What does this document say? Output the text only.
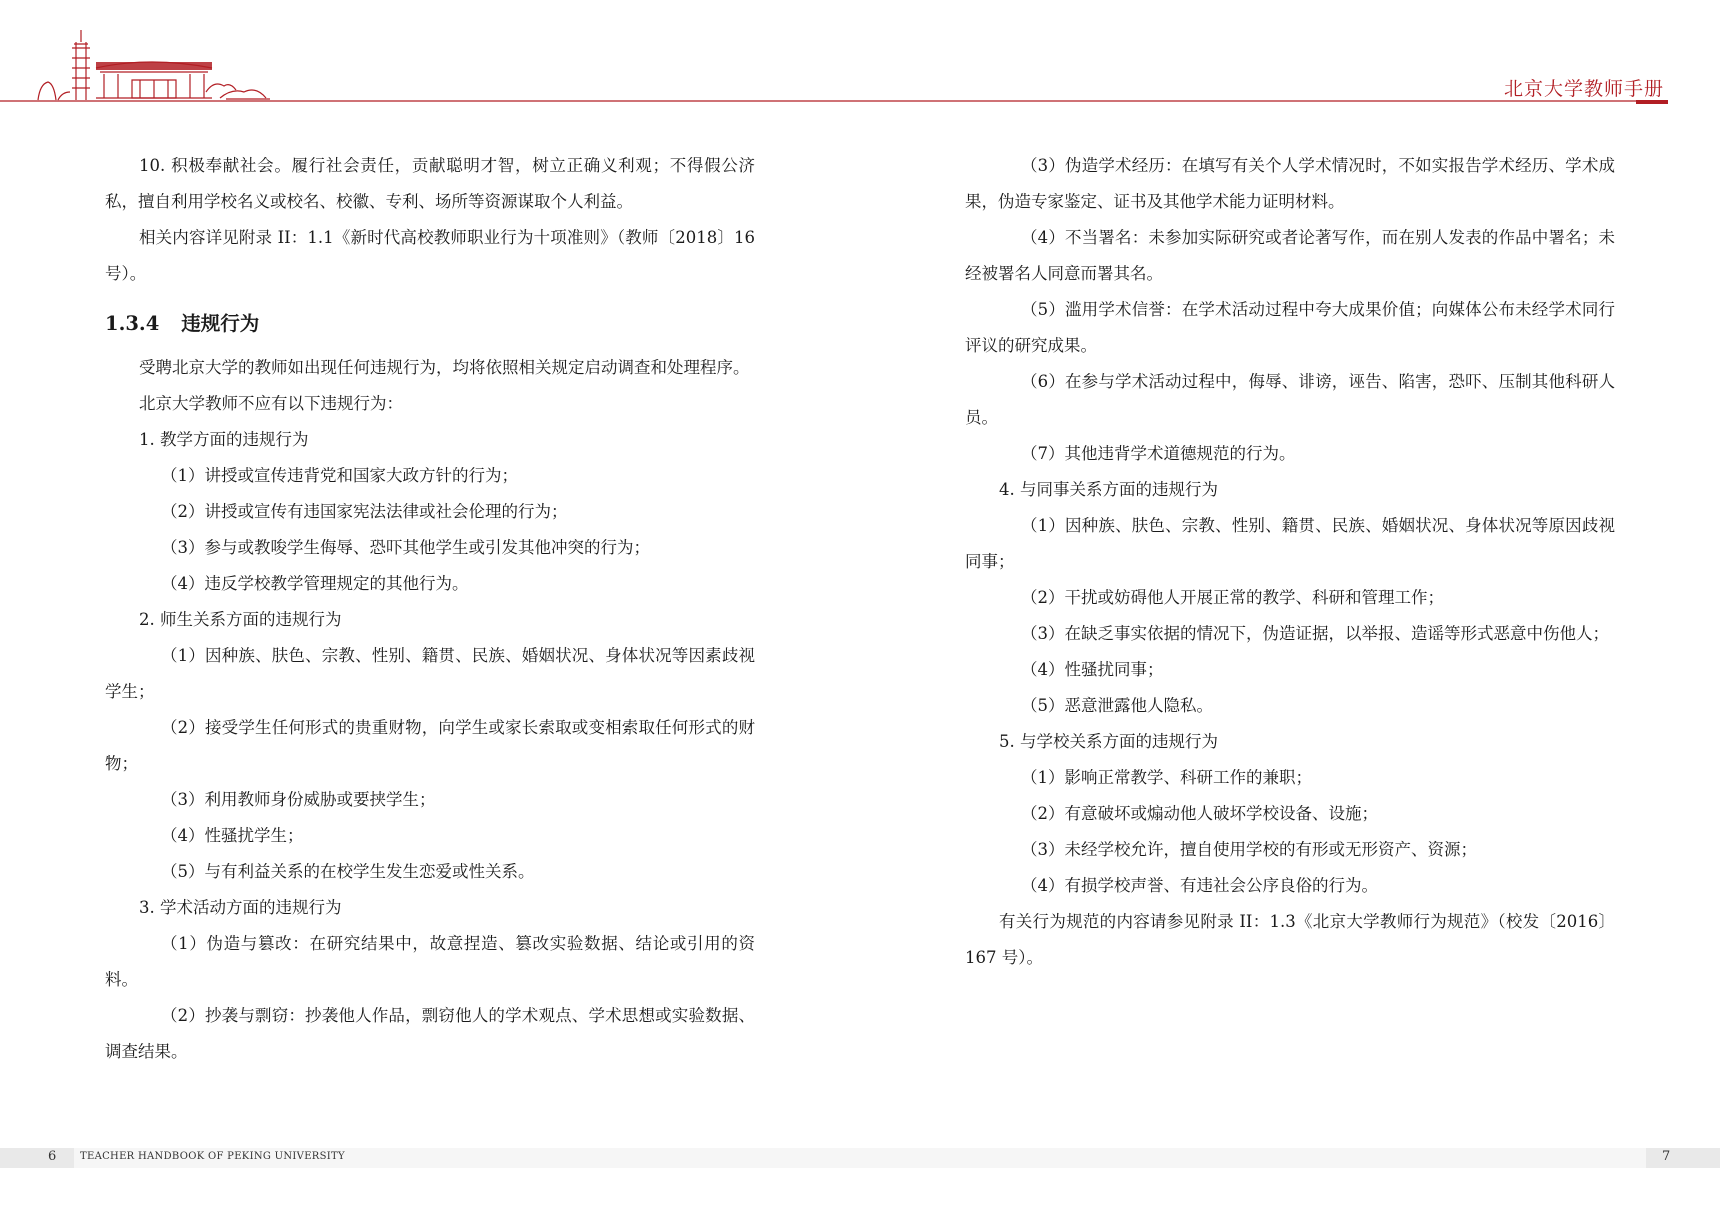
北京大学教师手册

10. 积极奉献社会。履行社会责任，贡献聪明才智，树立正确义利观；不得假公济私，擅自利用学校名义或校名、校徽、专利、场所等资源谋取个人利益。

相关内容详见附录 II：1.1《新时代高校教师职业行为十项准则》（教师〔2018〕16 号）。

1.3.4 违规行为

受聘北京大学的教师如出现任何违规行为，均将依照相关规定启动调查和处理程序。

北京大学教师不应有以下违规行为：

1. 教学方面的违规行为

（1）讲授或宣传违背党和国家大政方针的行为；

（2）讲授或宣传有违国家宪法法律或社会伦理的行为；

（3）参与或教唆学生侮辱、恐吓其他学生或引发其他冲突的行为；

（4）违反学校教学管理规定的其他行为。

2. 师生关系方面的违规行为

（1）因种族、肤色、宗教、性别、籍贯、民族、婚姻状况、身体状况等因素歧视学生；

（2）接受学生任何形式的贵重财物，向学生或家长索取或变相索取任何形式的财物；

（3）利用教师身份威胁或要挟学生；

（4）性骚扰学生；

（5）与有利益关系的在校学生发生恋爱或性关系。

3. 学术活动方面的违规行为

（1）伪造与篡改：在研究结果中，故意捏造、篡改实验数据、结论或引用的资料。

（2）抄袭与剽窃：抄袭他人作品，剽窃他人的学术观点、学术思想或实验数据、调查结果。

（3）伪造学术经历：在填写有关个人学术情况时，不如实报告学术经历、学术成果，伪造专家鉴定、证书及其他学术能力证明材料。

（4）不当署名：未参加实际研究或者论著写作，而在别人发表的作品中署名；未经被署名人同意而署其名。

（5）滥用学术信誉：在学术活动过程中夸大成果价值；向媒体公布未经学术同行评议的研究成果。

（6）在参与学术活动过程中，侮辱、诽谤，诬告、陷害，恐吓、压制其他科研人员。

（7）其他违背学术道德规范的行为。

4. 与同事关系方面的违规行为

（1）因种族、肤色、宗教、性别、籍贯、民族、婚姻状况、身体状况等原因歧视同事；

（2）干扰或妨碍他人开展正常的教学、科研和管理工作；

（3）在缺乏事实依据的情况下，伪造证据，以举报、造谣等形式恶意中伤他人；

（4）性骚扰同事；

（5）恶意泄露他人隐私。

5. 与学校关系方面的违规行为

（1）影响正常教学、科研工作的兼职；

（2）有意破坏或煽动他人破坏学校设备、设施；

（3）未经学校允许，擅自使用学校的有形或无形资产、资源；

（4）有损学校声誉、有违社会公序良俗的行为。

有关行为规范的内容请参见附录 II：1.3《北京大学教师行为规范》（校发〔2016〕167 号）。

6 TEACHER HANDBOOK OF PEKING UNIVERSITY	7
